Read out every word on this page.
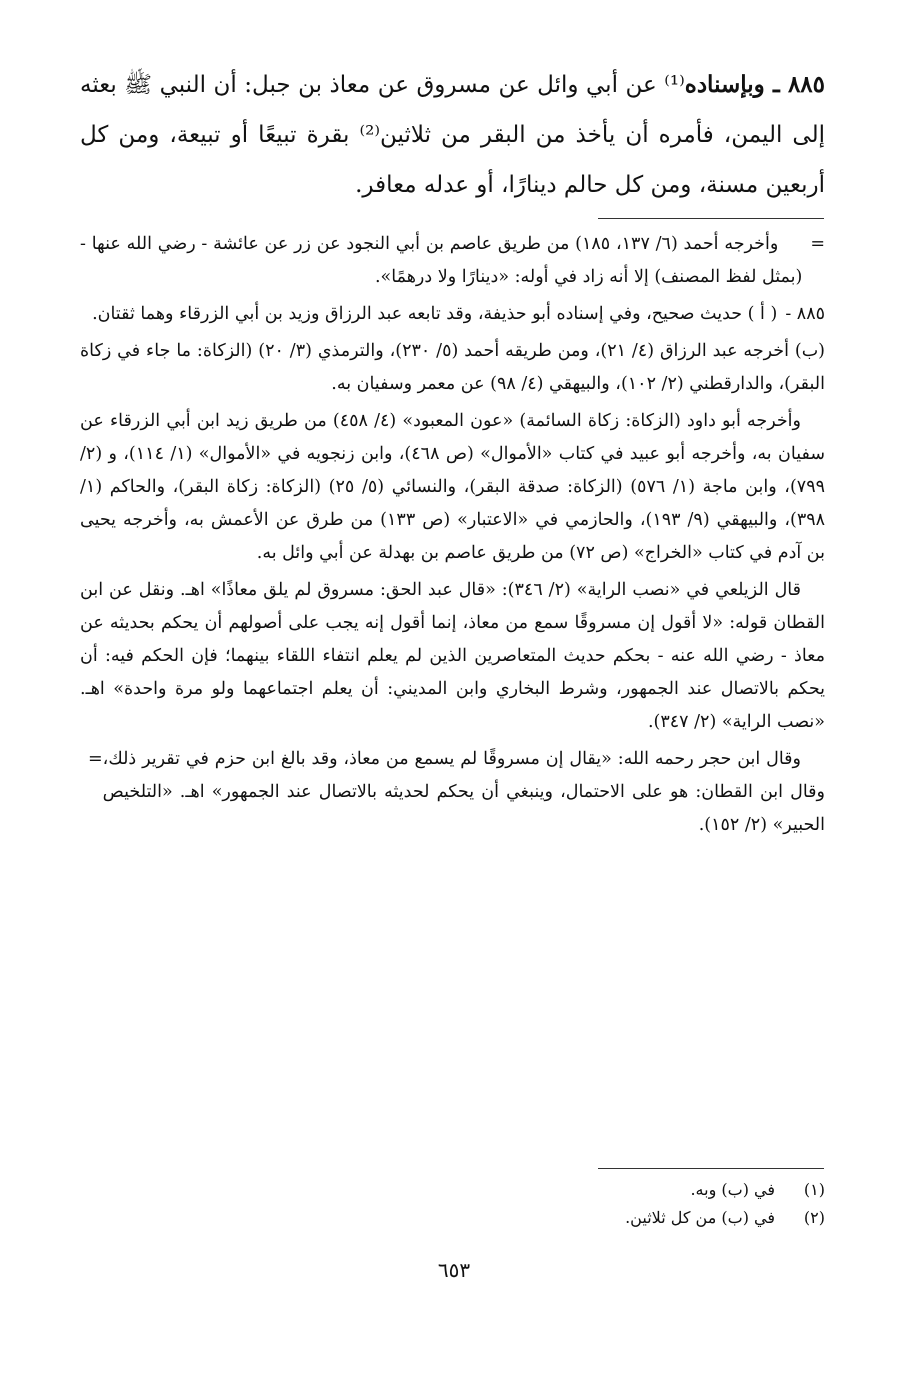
٨٨٥ ـ وبإسناده⁽¹⁾ عن أبي وائل عن مسروق عن معاذ بن جبل: أن النبي ﷺ بعثه إلى اليمن، فأمره أن يأخذ من البقر من ثلاثين⁽²⁾ بقرة تبيعًا أو تبيعة، ومن كل أربعين مسنة، ومن كل حالم دينارًا، أو عدله معافر.

=
وأخرجه أحمد (٦/ ١٣٧، ١٨٥) من طريق عاصم بن أبي النجود عن زر عن عائشة - رضي الله عنها - (بمثل لفظ المصنف) إلا أنه زاد في أوله: «دينارًا ولا درهمًا».

٨٨٥ -
( أ ) حديث صحيح، وفي إسناده أبو حذيفة، وقد تابعه عبد الرزاق وزيد بن أبي الزرقاء وهما ثقتان.

(ب) أخرجه عبد الرزاق (٤/ ٢١)، ومن طريقه أحمد (٥/ ٢٣٠)، والترمذي (٣/ ٢٠) (الزكاة: ما جاء في زكاة البقر)، والدارقطني (٢/ ١٠٢)، والبيهقي (٤/ ٩٨) عن معمر وسفيان به.

وأخرجه أبو داود (الزكاة: زكاة السائمة) «عون المعبود» (٤/ ٤٥٨) من طريق زيد ابن أبي الزرقاء عن سفيان به، وأخرجه أبو عبيد في كتاب «الأموال» (ص ٤٦٨)، وابن زنجويه في «الأموال» (١/ ١١٤)، و (٢/ ٧٩٩)، وابن ماجة (١/ ٥٧٦) (الزكاة: صدقة البقر)، والنسائي (٥/ ٢٥) (الزكاة: زكاة البقر)، والحاكم (١/ ٣٩٨)، والبيهقي (٩/ ١٩٣)، والحازمي في «الاعتبار» (ص ١٣٣) من طرق عن الأعمش به، وأخرجه يحيى بن آدم في كتاب «الخراج» (ص ٧٢) من طريق عاصم بن بهدلة عن أبي وائل به.

قال الزيلعي في «نصب الراية» (٢/ ٣٤٦): «قال عبد الحق: مسروق لم يلق معاذًا» اهـ. ونقل عن ابن القطان قوله: «لا أقول إن مسروقًا سمع من معاذ، إنما أقول إنه يجب على أصولهم أن يحكم بحديثه عن معاذ - رضي الله عنه - بحكم حديث المتعاصرين الذين لم يعلم انتفاء اللقاء بينهما؛ فإن الحكم فيه: أن يحكم بالاتصال عند الجمهور، وشرط البخاري وابن المديني: أن يعلم اجتماعهما ولو مرة واحدة» اهـ. «نصب الراية» (٢/ ٣٤٧).

وقال ابن حجر رحمه الله: «يقال إن مسروقًا لم يسمع من معاذ، وقد بالغ ابن حزم في تقرير ذلك، وقال ابن القطان: هو على الاحتمال، وينبغي أن يحكم لحديثه بالاتصال عند الجمهور» اهـ. «التلخيص الحبير» (٢/ ١٥٢).
=

(١)
في (ب) وبه.
(٢)
في (ب) من كل ثلاثين.
٦٥٣
